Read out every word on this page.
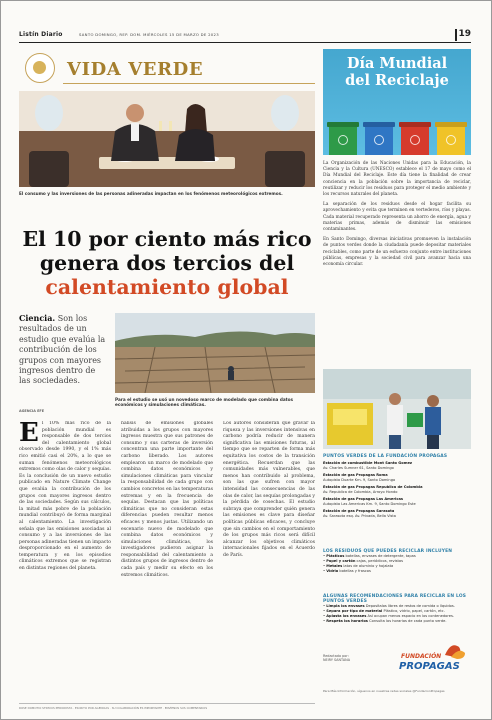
Listín Diario	SANTO DOMINGO, REP. DOM. MIÉRCOLES 15 DE MARZO DE 2023	19
VIDA VERDE
El consumo y las inversiones de las personas adineradas impactan en los fenómenos meteorológicos extremos.
El 10 por ciento más rico
genera dos tercios del
calentamiento global
Ciencia. Son los resultados de un estudio que evalúa la contribución de los grupos con mayores ingresos dentro de las sociedades.
Para el estudio se usó un novedoso marco de modelado que combina datos económicos y simulaciones climáticas.
AGENCIA EFE
El 10% más rico de la población mundial es responsable de dos tercios del calentamiento global observado desde 1990, y el 1% más rico emitió casi el 20%, a lo que se suman fenómenos meteorológicos extremos como olas de calor y sequías. Es la conclusión de un nuevo estudio publicado en Nature Climate Change que evalúa la contribución de los grupos con mayores ingresos dentro de las sociedades. Según sus cálculos, la mitad más pobre de la población mundial contribuyó de forma marginal al calentamiento. La investigación señala que las emisiones asociadas al consumo y a las inversiones de las personas adineradas tienen un impacto desproporcionado en el aumento de temperatura y en los episodios climáticos extremos que se registran en distintas regiones del planeta.
nálisis de emisiones globales atribuidas a los grupos con mayores ingresos muestra que sus patrones de consumo y sus carteras de inversión concentran una parte importante del carbono liberado. Los autores emplearon un marco de modelado que combina datos económicos y simulaciones climáticas para vincular la responsabilidad de cada grupo con cambios concretos en las temperaturas extremas y en la frecuencia de sequías. Destacan que las políticas climáticas que no consideran estas diferencias pueden resultar menos eficaces y menos justas. Utilizando un escenario nuevo de modelado que combina datos económicos y simulaciones climáticas, los investigadores pudieron asignar la responsabilidad del calentamiento a distintos grupos de ingresos dentro de cada país y medir su efecto en los extremos climáticos.
Los autores consideran que gravar la riqueza y las inversiones intensivas en carbono podría reducir de manera significativa las emisiones futuras, al tiempo que se reparten de forma más equitativa los costos de la transición energética. Recuerdan que las comunidades más vulnerables, que menos han contribuido al problema, son las que sufren con mayor intensidad las consecuencias de las olas de calor, las sequías prolongadas y la pérdida de cosechas. El estudio subraya que comprender quién genera las emisiones es clave para diseñar políticas públicas eficaces, y concluye que sin cambios en el comportamiento de los grupos más ricos será difícil alcanzar los objetivos climáticos internacionales fijados en el Acuerdo de París.
ROSE DOMOTIO STIMUUS PERIODISTA · ESCRITO POR AGENCIAS · SU COLABORACIÓN ES IMPORTANTE · ENVÍENOS SUS COMENTARIOS
Día Mundial
del Reciclaje

La Organización de las Naciones Unidas para la Educación, la Ciencia y la Cultura (UNESCO) establece el 17 de mayo como el Día Mundial del Reciclaje. Este día tiene la finalidad de crear conciencia en la población sobre la importancia de reciclar, reutilizar y reducir los residuos para proteger el medio ambiente y los recursos naturales del planeta.

La separación de los residuos desde el hogar facilita su aprovechamiento y evita que terminen en vertederos, ríos y playas. Cada material recuperado representa un ahorro de energía, agua y materias primas, además de disminuir las emisiones contaminantes.

En Santo Domingo, diversas iniciativas promueven la instalación de puntos verdes donde la ciudadanía puede depositar materiales reciclables, como parte de un esfuerzo conjunto entre instituciones públicas, empresas y la sociedad civil para avanzar hacia una economía circular.

PUNTOS VERDES DE LA FUNDACIÓN PROPAGAS
Estación de combustible Mont Santo Gomez
Av. Charles Sumner 61, Santo Domingo
Estación de gas Propagas Roma
Autopista Duarte Km. 9, Santo Domingo
Estación de gas Propagas Republica de Colombia
Av. Republica de Colombia, Arroyo Hondo
Estación de gas Propagas Las Americas
Autopista Las Americas Km. 9, Santo Domingo Este
Estación de gas Propagas Sarasota
Av. Sarasota esq. Av. Privada, Bella Vista
LOS RESIDUOS QUE PUEDES RECICLAR INCLUYEN
• Plásticos botellas, envases de detergente, tapas
• Papel y cartón cajas, periódicos, revistas
• Metales latas de aluminio y hojalata
• Vidrio botellas y frascos
ALGUNAS RECOMENDACIONES PARA RECICLAR EN LOS PUNTOS VERDES
• Limpia los envases Deposítalos libres de restos de comida o líquidos.
• Separa por tipo de material Plástico, vidrio, papel, cartón, etc.
• Aplasta los envases Así ocupan menos espacio en los contenedores.
• Respeta los horarios Consulta los horarios de cada punto verde.
Redactado por:
NEIRY SANTANA	FUNDACIÓN
PROPAGAS
Para Más Información, síguenos en nuestras redes sociales @FundacionPropagas
